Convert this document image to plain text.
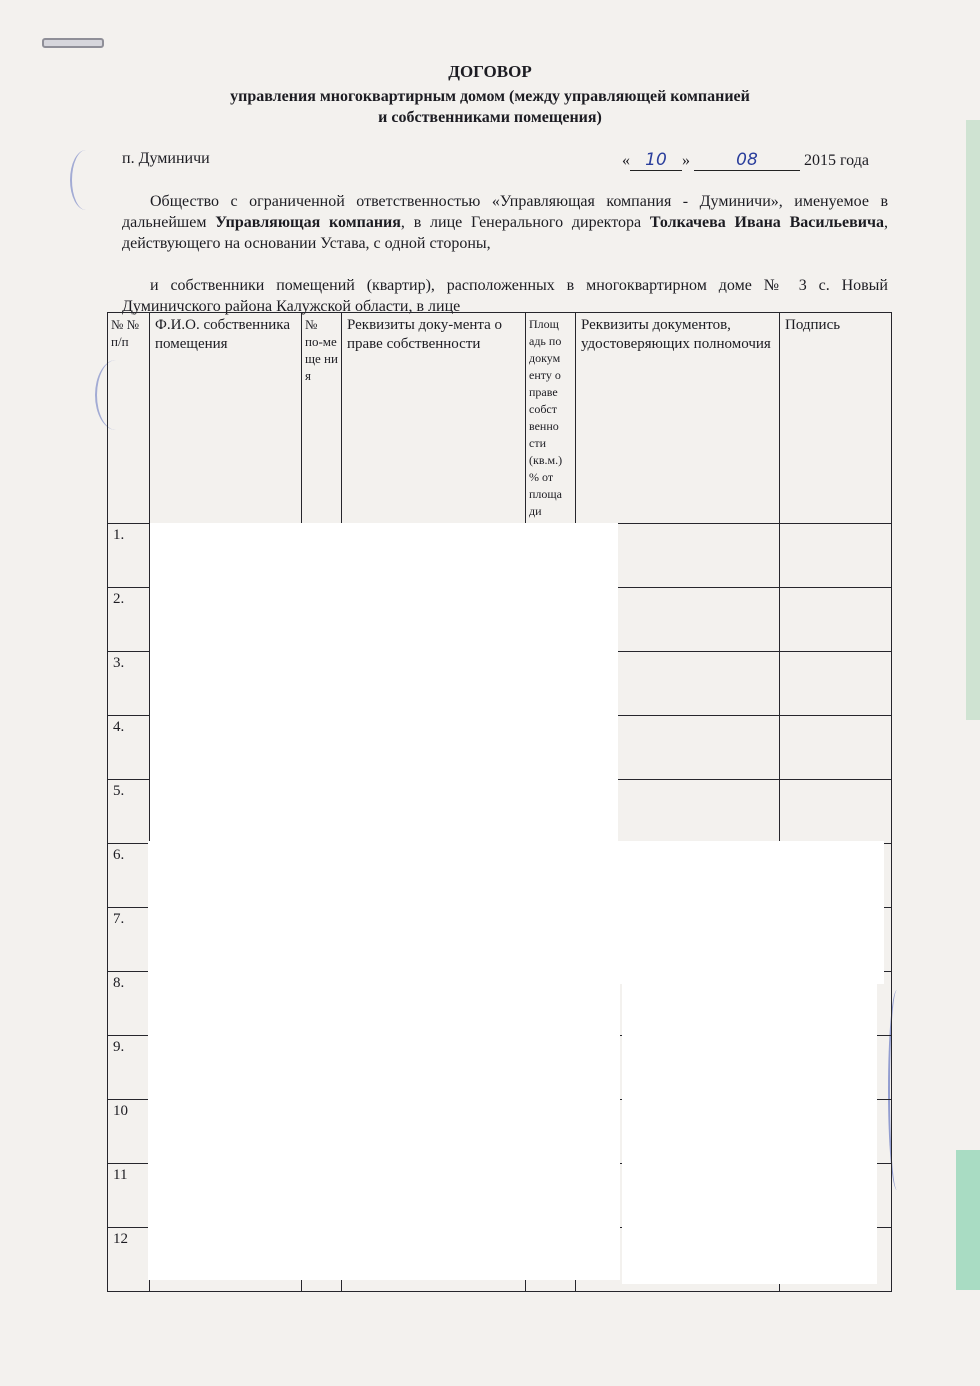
ДОГОВОР
управления многоквартирным домом (между управляющей компанией
и собственниками помещения)
п. Думиничи	« 10 »	08	2015 года
Общество с ограниченной ответственностью «Управляющая компания - Думиничи», именуемое в дальнейшем Управляющая компания, в лице Генерального директора Толкачева Ивана Васильевича, действующего на основании Устава, с одной стороны,
и собственники помещений (квартир), расположенных в многоквартирном доме № 3 с. Новый Думиничского района Калужской области, в лице
№ № п/п	Ф.И.О. собственника помещения	№ по-ме ще ни я	Реквизиты доку-мента о праве собственности	Площ адь по докум енту о праве собст венно сти (кв.м.) % от площа ди	Реквизиты документов, удостоверяющих полномочия	Подпись
1.						
2.						
3.						
4.						
5.						
6.						
7.						
8.						
9.						
10						
11						
12						
